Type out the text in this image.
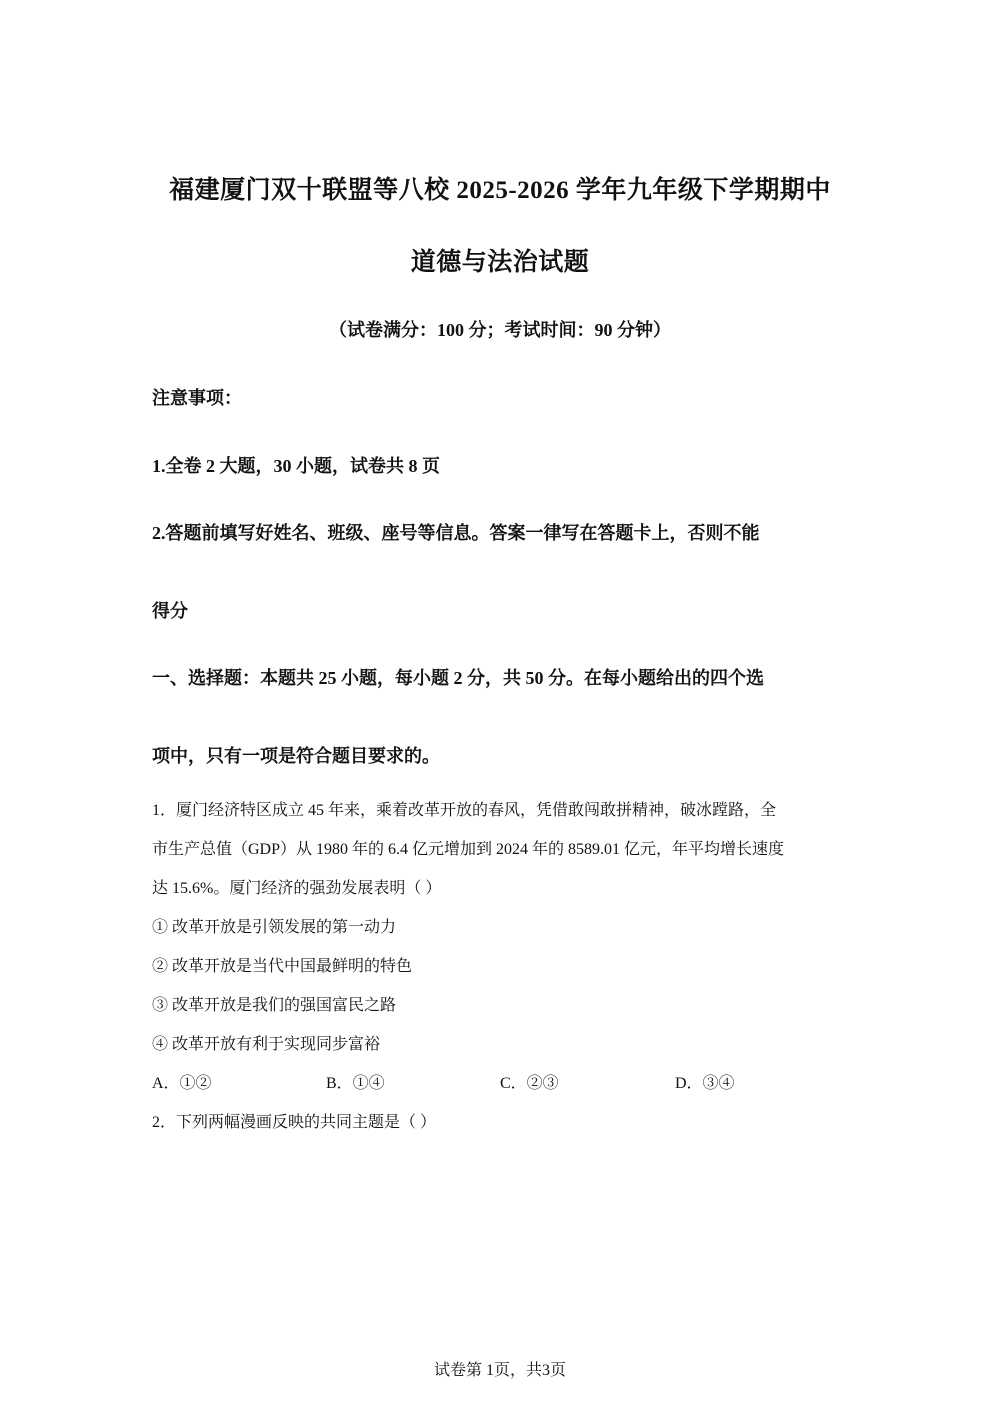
福建厦门双十联盟等八校 2025-2026 学年九年级下学期期中
道德与法治试题
（试卷满分：100 分；考试时间：90 分钟）
注意事项：
1.全卷 2 大题，30 小题，试卷共 8 页
2.答题前填写好姓名、班级、座号等信息。答案一律写在答题卡上，否则不能
得分
一、选择题：本题共 25 小题，每小题 2 分，共 50 分。在每小题给出的四个选
项中，只有一项是符合题目要求的。
1．厦门经济特区成立 45 年来，乘着改革开放的春风，凭借敢闯敢拼精神，破冰蹚路，全
市生产总值（GDP）从 1980 年的 6.4 亿元增加到 2024 年的 8589.01 亿元，年平均增长速度
达 15.6%。厦门经济的强劲发展表明（ ）
① 改革开放是引领发展的第一动力
② 改革开放是当代中国最鲜明的特色
③ 改革开放是我们的强国富民之路
④ 改革开放有利于实现同步富裕
A．①②	B．①④	C．②③	D．③④
2．下列两幅漫画反映的共同主题是（ ）
试卷第 1页，共3页
